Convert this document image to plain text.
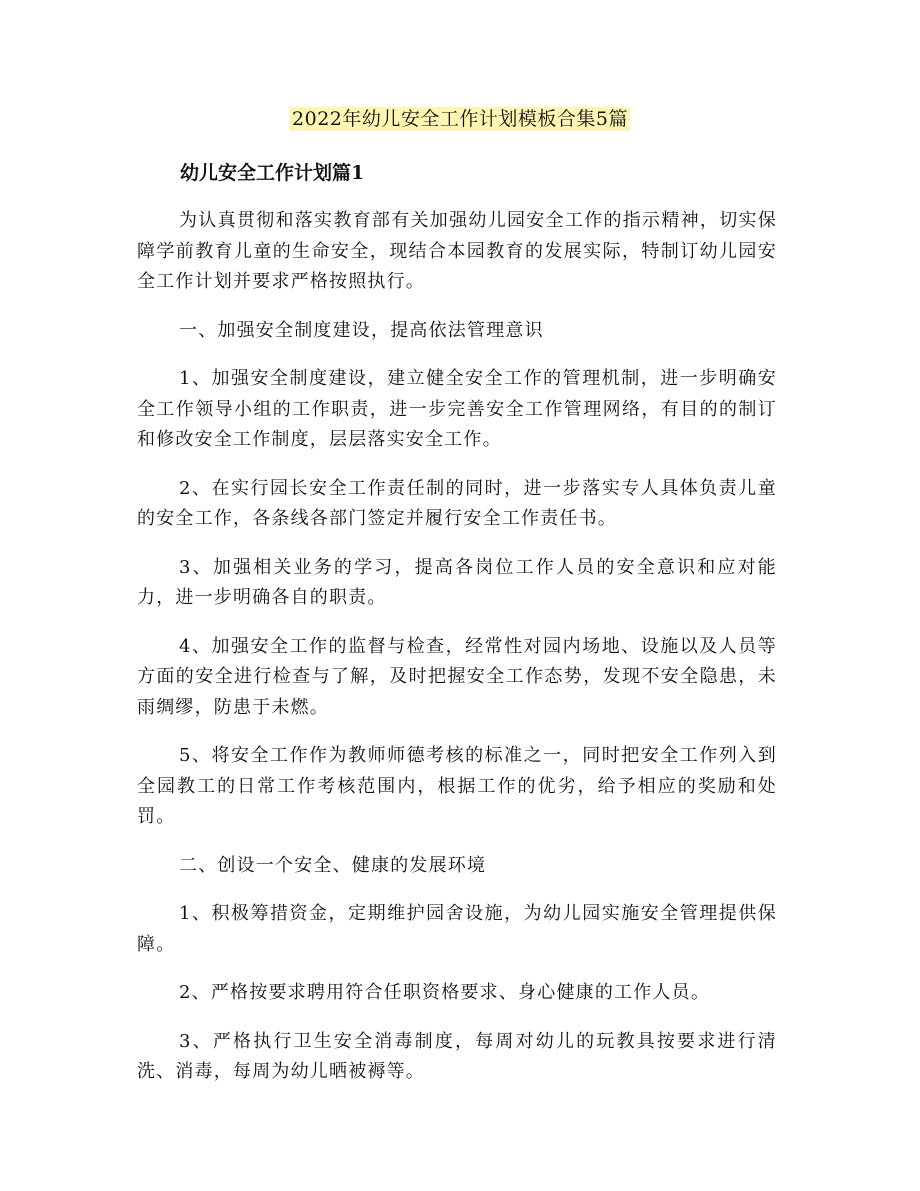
2022年幼儿安全工作计划模板合集5篇
幼儿安全工作计划篇1

为认真贯彻和落实教育部有关加强幼儿园安全工作的指示精神，切实保障学前教育儿童的生命安全，现结合本园教育的发展实际，特制订幼儿园安全工作计划并要求严格按照执行。

一、加强安全制度建设，提高依法管理意识

1、加强安全制度建设，建立健全安全工作的管理机制，进一步明确安全工作领导小组的工作职责，进一步完善安全工作管理网络，有目的的制订和修改安全工作制度，层层落实安全工作。

2、在实行园长安全工作责任制的同时，进一步落实专人具体负责儿童的安全工作，各条线各部门签定并履行安全工作责任书。

3、加强相关业务的学习，提高各岗位工作人员的安全意识和应对能力，进一步明确各自的职责。

4、加强安全工作的监督与检查，经常性对园内场地、设施以及人员等方面的安全进行检查与了解，及时把握安全工作态势，发现不安全隐患，未雨绸缪，防患于未燃。

5、将安全工作作为教师师德考核的标准之一，同时把安全工作列入到全园教工的日常工作考核范围内，根据工作的优劣，给予相应的奖励和处罚。

二、创设一个安全、健康的发展环境

1、积极筹措资金，定期维护园舍设施，为幼儿园实施安全管理提供保障。

2、严格按要求聘用符合任职资格要求、身心健康的工作人员。

3、严格执行卫生安全消毒制度，每周对幼儿的玩教具按要求进行清洗、消毒，每周为幼儿晒被褥等。
